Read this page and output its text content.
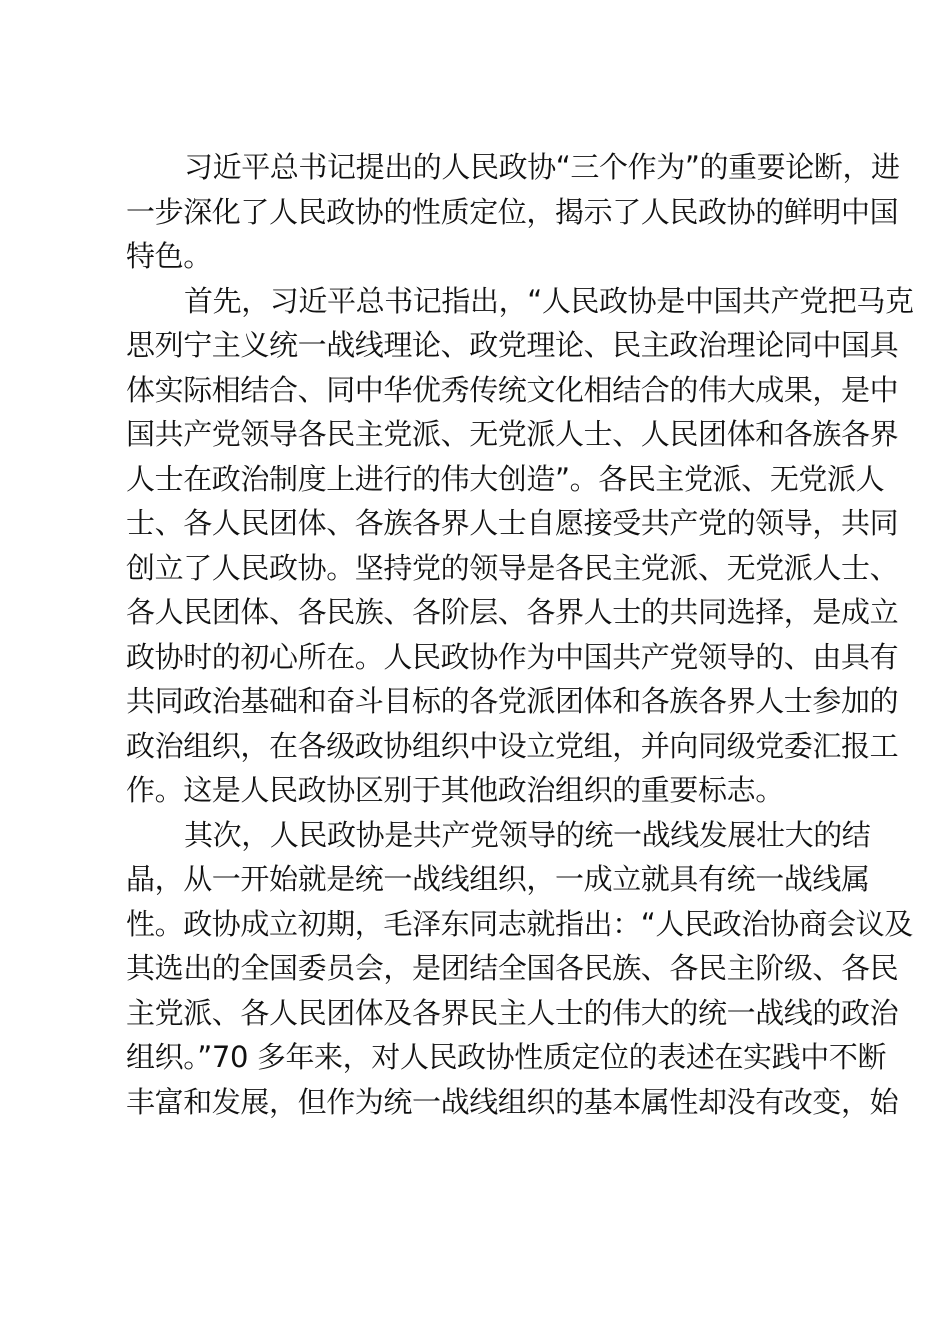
习近平总书记提出的人民政协“三个作为”的重要论断，进
一步深化了人民政协的性质定位，揭示了人民政协的鲜明中国
特色。
首先，习近平总书记指出，“人民政协是中国共产党把马克
思列宁主义统一战线理论、政党理论、民主政治理论同中国具
体实际相结合、同中华优秀传统文化相结合的伟大成果，是中
国共产党领导各民主党派、无党派人士、人民团体和各族各界
人士在政治制度上进行的伟大创造”。各民主党派、无党派人
士、各人民团体、各族各界人士自愿接受共产党的领导，共同
创立了人民政协。坚持党的领导是各民主党派、无党派人士、
各人民团体、各民族、各阶层、各界人士的共同选择，是成立
政协时的初心所在。人民政协作为中国共产党领导的、由具有
共同政治基础和奋斗目标的各党派团体和各族各界人士参加的
政治组织，在各级政协组织中设立党组，并向同级党委汇报工
作。这是人民政协区别于其他政治组织的重要标志。
其次，人民政协是共产党领导的统一战线发展壮大的结
晶，从一开始就是统一战线组织，一成立就具有统一战线属
性。政协成立初期，毛泽东同志就指出：“人民政治协商会议及
其选出的全国委员会，是团结全国各民族、各民主阶级、各民
主党派、各人民团体及各界民主人士的伟大的统一战线的政治
组织。”70 多年来，对人民政协性质定位的表述在实践中不断
丰富和发展，但作为统一战线组织的基本属性却没有改变，始
